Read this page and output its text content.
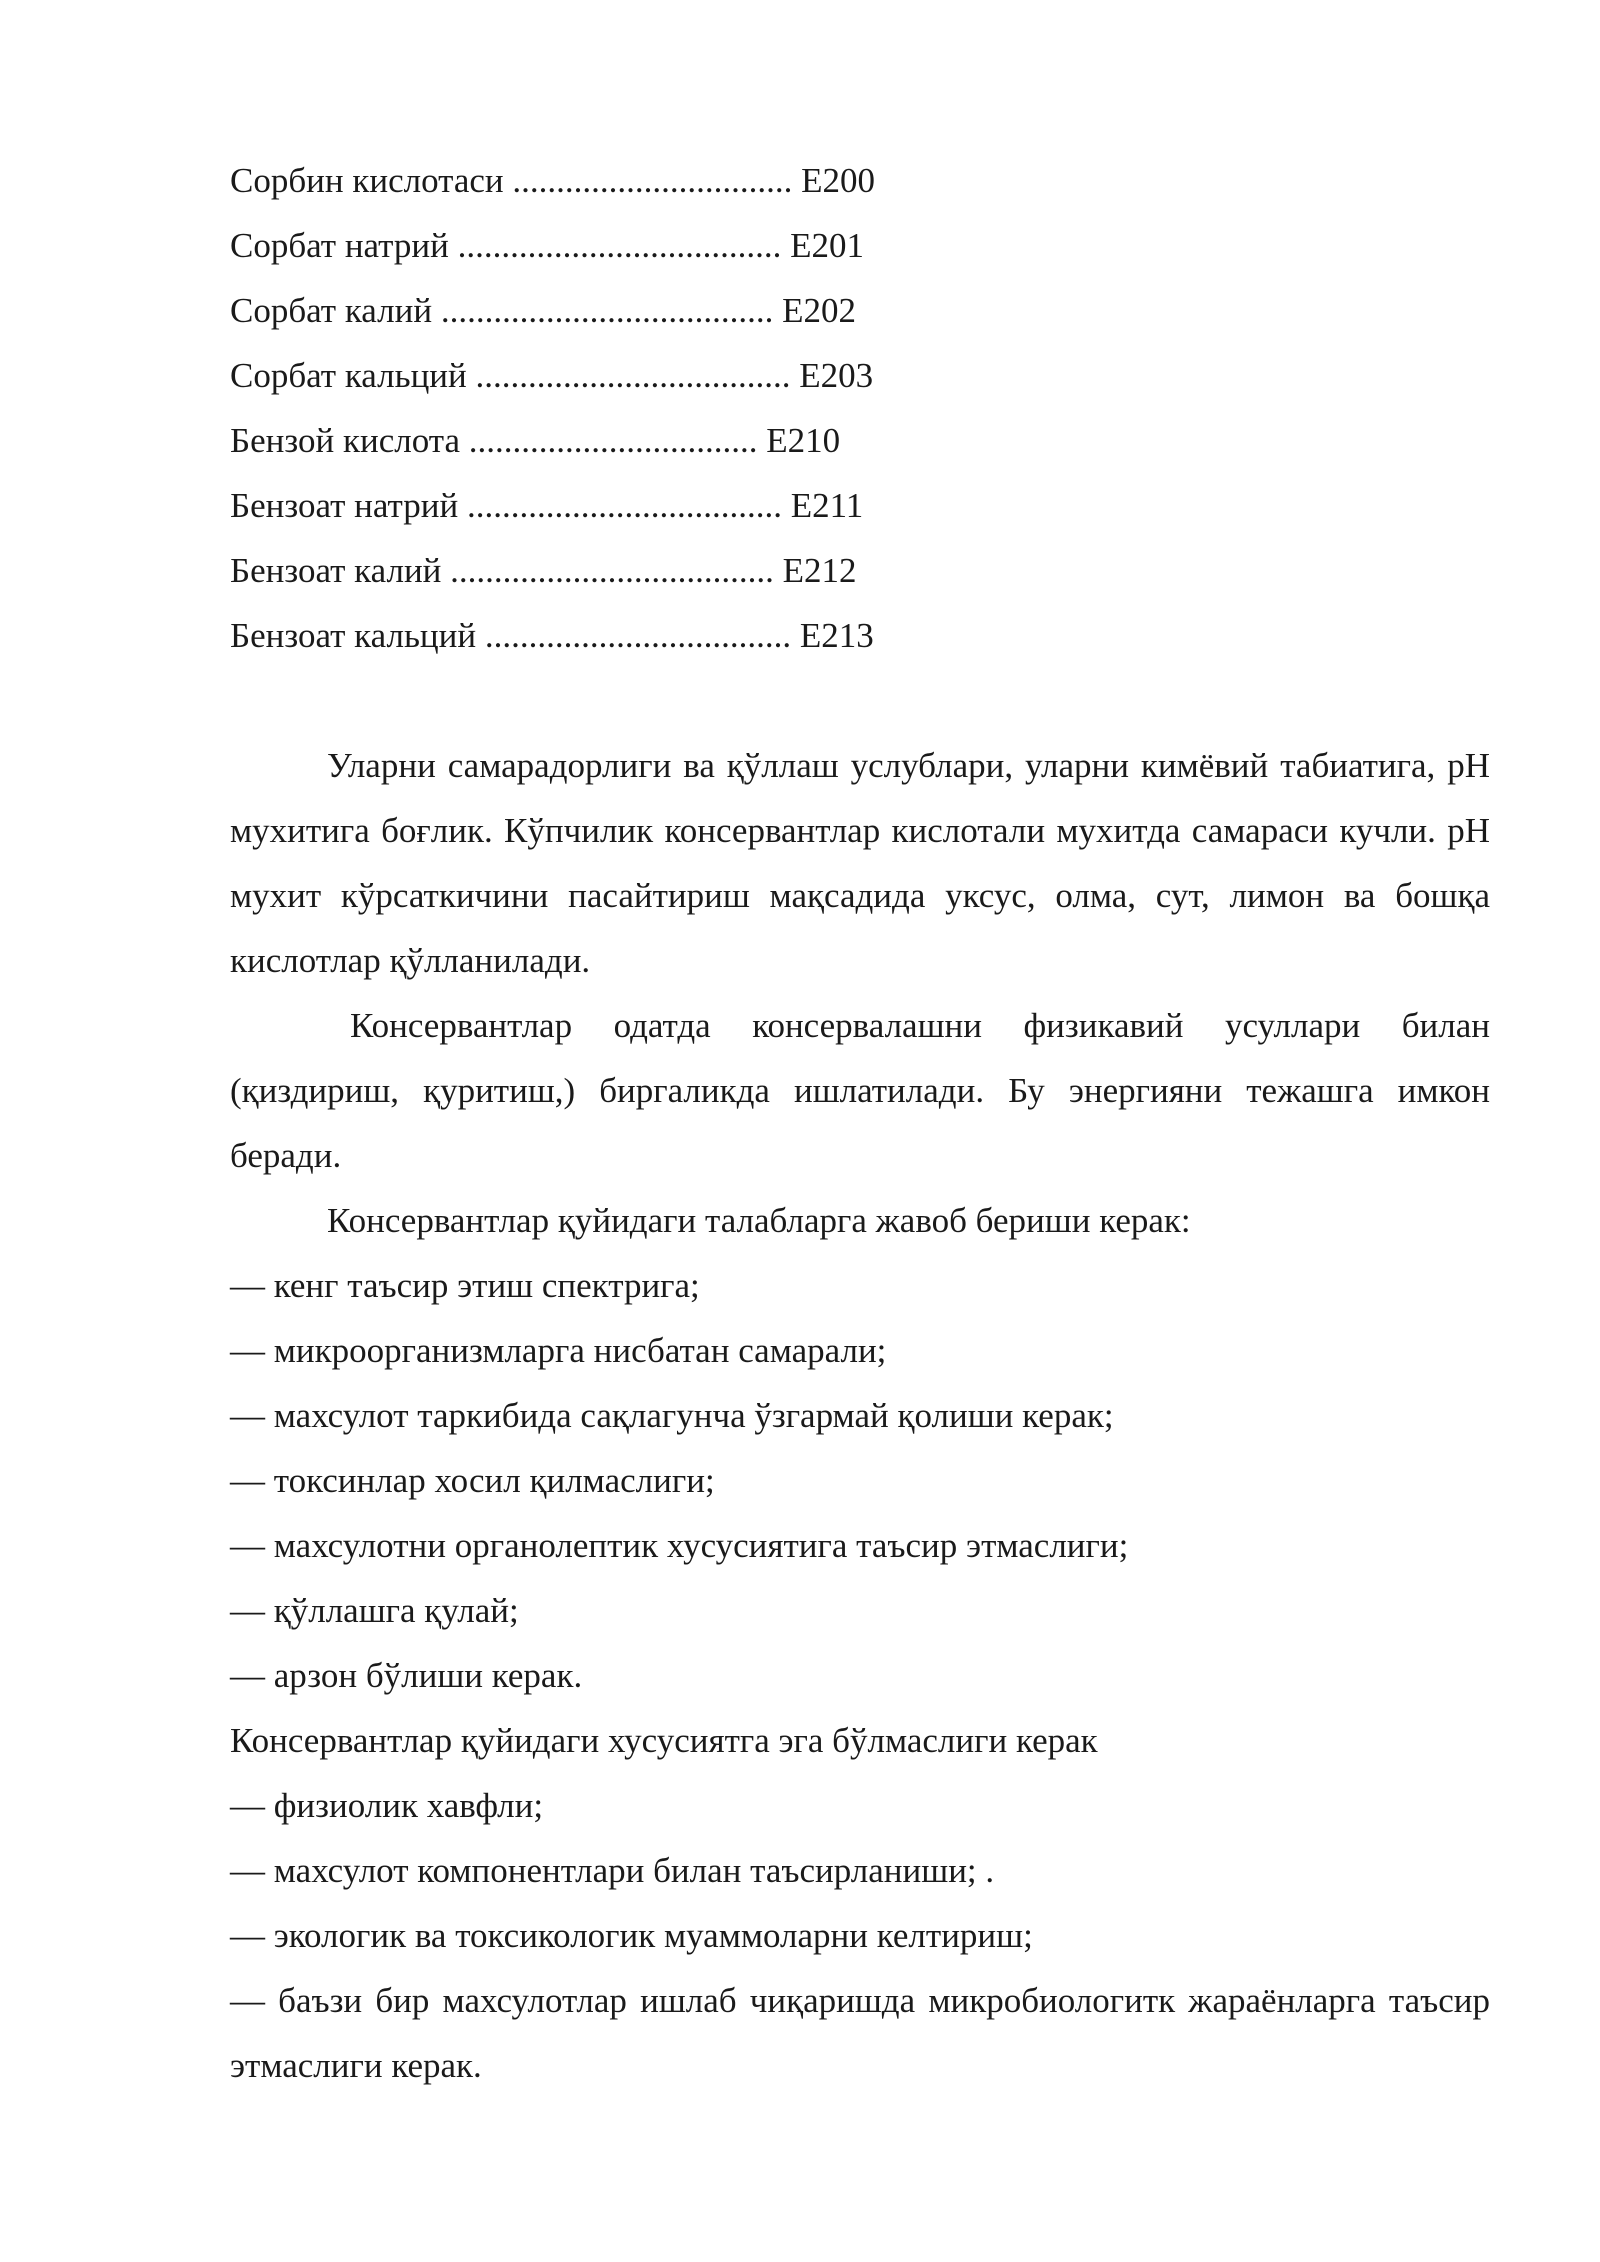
Сорбин кислотаси ................................ Е200

Сорбат натрий ..................................... Е201

Сорбат калий ...................................... Е202

Сорбат кальций .................................... Е203

Бензой кислота ................................. Е210

Бензоат натрий .................................... Е211

Бензоат калий ..................................... Е212

Бензоат кальций ................................... Е213

Уларни самарадорлиги ва қўллаш услублари, уларни кимёвий табиатига, рН мухитига боғлик. Кўпчилик консервантлар кислотали мухитда самараси кучли. рН мухит кўрсаткичини пасайтириш мақсадида уксус, олма, сут, лимон ва бошқа кислотлар қўлланилади.

Консервантлар одатда консервалашни физикавий усуллари билан (қиздириш, қуритиш,) биргаликда ишлатилади. Бу энергияни тежашга имкон беради.

Консервантлар қуйидаги талабларга жавоб бериши керак:

— кенг таъсир этиш спектрига;

— микроорганизмларга нисбатан самарали;

— махсулот таркибида сақлагунча ўзгармай қолиши керак;

— токсинлар хосил қилмаслиги;

— махсулотни органолептик хусусиятига таъсир этмаслиги;

— қўллашга қулай;

— арзон бўлиши керак.

Консервантлар қуйидаги хусусиятга эга бўлмаслиги керак

— физиолик хавфли;

— махсулот компонентлари билан таъсирланиши; .

— экологик ва токсикологик муаммоларни келтириш;

— баъзи бир махсулотлар ишлаб чиқаришда микробиологитк жараёнларга таъсир этмаслиги керак.
